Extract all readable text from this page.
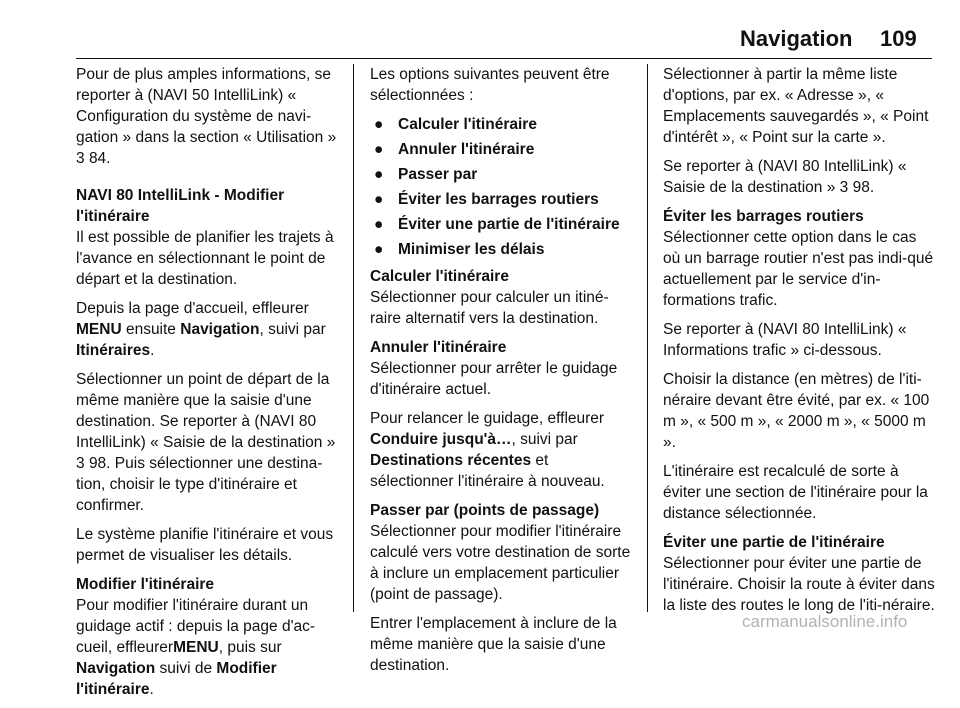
Navigation 109

Pour de plus amples informations, se reporter à (NAVI 50 IntelliLink) « Configuration du système de navi-gation » dans la section « Utilisation »
3 84.

NAVI 80 IntelliLink - Modifier l'itinéraire

Il est possible de planifier les trajets à l'avance en sélectionnant le point de départ et la destination.

Depuis la page d'accueil, effleurer
MENU ensuite Navigation, suivi par Itinéraires.

Sélectionner un point de départ de la même manière que la saisie d'une destination. Se reporter à (NAVI 80 IntelliLink) « Saisie de la destination »
3 98. Puis sélectionner une destina-tion, choisir le type d'itinéraire et confirmer.

Le système planifie l'itinéraire et vous permet de visualiser les détails.

Modifier l'itinéraire

Pour modifier l'itinéraire durant un guidage actif : depuis la page d'ac-cueil, effleurerMENU, puis sur
Navigation suivi de Modifier l'itinéraire.

Les options suivantes peuvent être sélectionnées :

● Calculer l'itinéraire
● Annuler l'itinéraire
● Passer par
● Éviter les barrages routiers
● Éviter une partie de l'itinéraire
● Minimiser les délais

Calculer l'itinéraire

Sélectionner pour calculer un itiné-raire alternatif vers la destination.

Annuler l'itinéraire

Sélectionner pour arrêter le guidage d'itinéraire actuel.

Pour relancer le guidage, effleurer
Conduire jusqu'à…, suivi par
Destinations récentes et sélectionner l'itinéraire à nouveau.

Passer par (points de passage)

Sélectionner pour modifier l'itinéraire calculé vers votre destination de sorte à inclure un emplacement particulier (point de passage).

Entrer l'emplacement à inclure de la même manière que la saisie d'une destination.

Sélectionner à partir la même liste d'options, par ex. « Adresse », « Emplacements sauvegardés », « Point d'intérêt », « Point sur la carte ».

Se reporter à (NAVI 80 IntelliLink) « Saisie de la destination » 3 98.

Éviter les barrages routiers

Sélectionner cette option dans le cas où un barrage routier n'est pas indi-qué actuellement par le service d'in-formations trafic.

Se reporter à (NAVI 80 IntelliLink) « Informations trafic » ci-dessous.

Choisir la distance (en mètres) de l'iti-néraire devant être évité, par ex. « 100 m », « 500 m », « 2000 m », « 5000 m ».

L'itinéraire est recalculé de sorte à éviter une section de l'itinéraire pour la distance sélectionnée.

Éviter une partie de l'itinéraire

Sélectionner pour éviter une partie de l'itinéraire. Choisir la route à éviter dans la liste des routes le long de l'iti-néraire.

carmanualsonline.info
